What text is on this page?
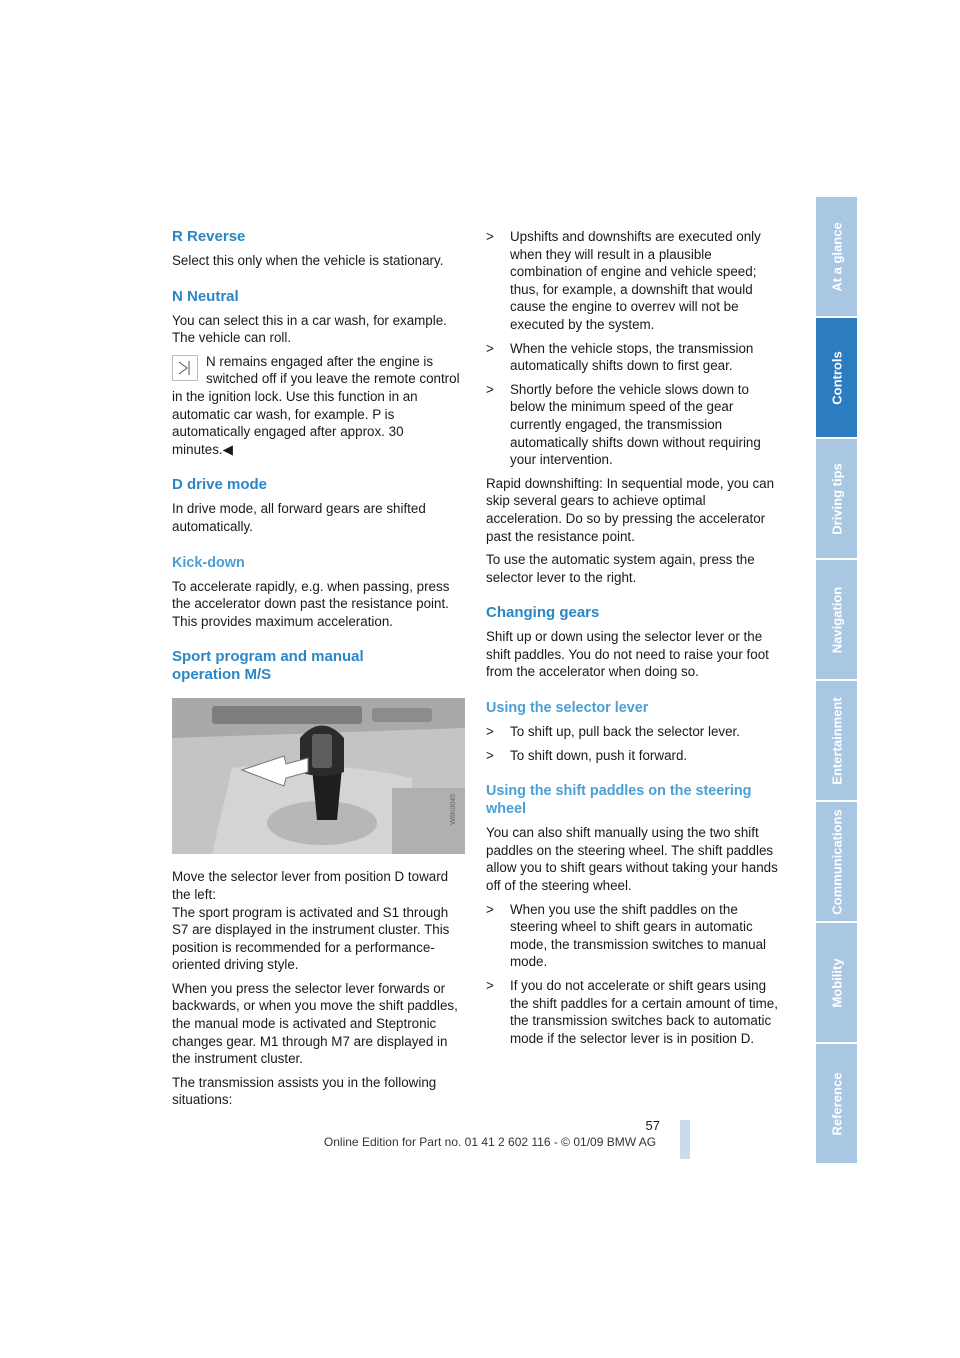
R Reverse

Select this only when the vehicle is stationary.

N Neutral

You can select this in a car wash, for example. The vehicle can roll.

N remains engaged after the engine is switched off if you leave the remote control in the ignition lock. Use this function in an automatic car wash, for example. P is automatically engaged after approx. 30 minutes.◀

D drive mode

In drive mode, all forward gears are shifted automatically.

Kick-down

To accelerate rapidly, e.g. when passing, press the accelerator down past the resistance point. This provides maximum acceleration.

Sport program and manual
operation M/S
W6K0045

Move the selector lever from position D toward the left:

The sport program is activated and S1 through S7 are displayed in the instrument cluster. This position is recommended for a performance-oriented driving style.

When you press the selector lever forwards or backwards, or when you move the shift paddles, the manual mode is activated and Steptronic changes gear. M1 through M7 are displayed in the instrument cluster.

The transmission assists you in the following situations:

> Upshifts and downshifts are executed only when they will result in a plausible combination of engine and vehicle speed; thus, for example, a downshift that would cause the engine to overrev will not be executed by the system.

> When the vehicle stops, the transmission automatically shifts down to first gear.

> Shortly before the vehicle slows down to below the minimum speed of the gear currently engaged, the transmission automatically shifts down without requiring your intervention.

Rapid downshifting: In sequential mode, you can skip several gears to achieve optimal acceleration. Do so by pressing the accelerator past the resistance point.

To use the automatic system again, press the selector lever to the right.

Changing gears

Shift up or down using the selector lever or the shift paddles. You do not need to raise your foot from the accelerator when doing so.

Using the selector lever
> To shift up, pull back the selector lever.

> To shift down, push it forward.

Using the shift paddles on the steering wheel

You can also shift manually using the two shift paddles on the steering wheel. The shift paddles allow you to shift gears without taking your hands off of the steering wheel.

> When you use the shift paddles on the steering wheel to shift gears in automatic mode, the transmission switches to manual mode.

> If you do not accelerate or shift gears using the shift paddles for a certain amount of time, the transmission switches back to automatic mode if the selector lever is in position D.

At a glance
Controls
Driving tips
Navigation
Entertainment
Communications
Mobility
Reference
57
Online Edition for Part no. 01 41 2 602 116 - © 01/09 BMW AG
